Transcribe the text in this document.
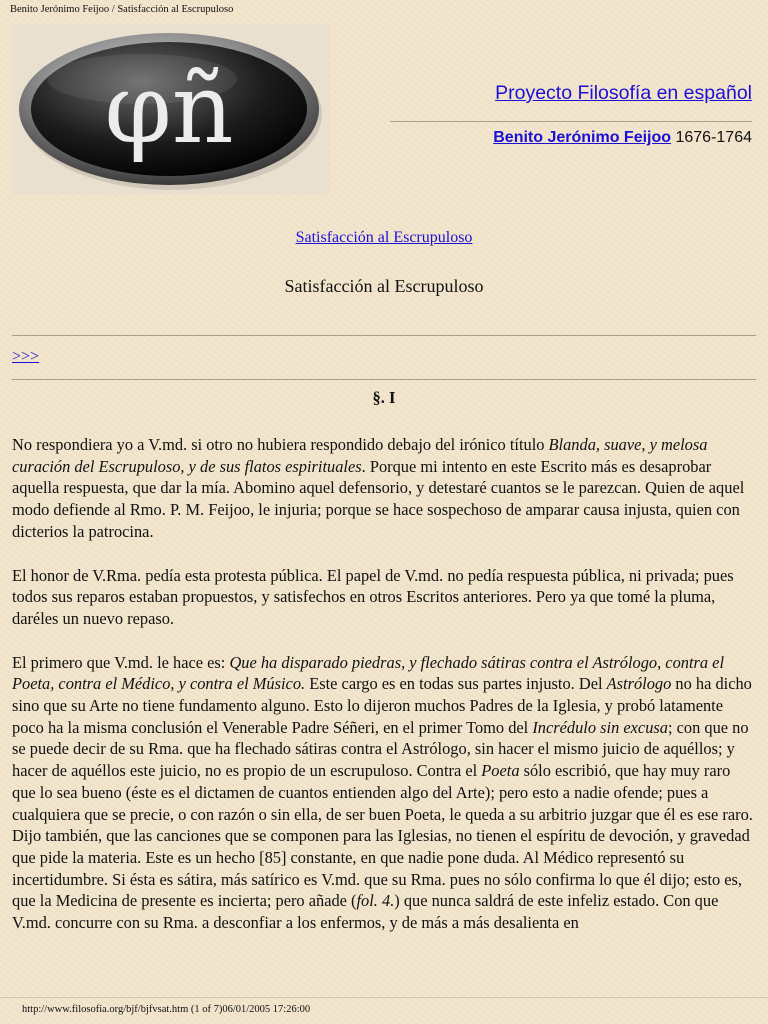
Benito Jerónimo Feijoo / Satisfacción al Escrupuloso
φñ	Proyecto Filosofía en español
Benito Jerónimo Feijoo 1676-1764
Satisfacción al Escrupuloso
Satisfacción al Escrupuloso
>>>
§. I

No respondiera yo a V.md. si otro no hubiera respondido debajo del irónico título Blanda, suave, y melosa curación del Escrupuloso, y de sus flatos espirituales. Porque mi intento en este Escrito más es desaprobar aquella respuesta, que dar la mía. Abomino aquel defensorio, y detestaré cuantos se le parezcan. Quien de aquel modo defiende al Rmo. P. M. Feijoo, le injuria; porque se hace sospechoso de amparar causa injusta, quien con dicterios la patrocina.

El honor de V.Rma. pedía esta protesta pública. El papel de V.md. no pedía respuesta pública, ni privada; pues todos sus reparos estaban propuestos, y satisfechos en otros Escritos anteriores. Pero ya que tomé la pluma, daréles un nuevo repaso.

El primero que V.md. le hace es: Que ha disparado piedras, y flechado sátiras contra el Astrólogo, contra el Poeta, contra el Médico, y contra el Músico. Este cargo es en todas sus partes injusto. Del Astrólogo no ha dicho sino que su Arte no tiene fundamento alguno. Esto lo dijeron muchos Padres de la Iglesia, y probó latamente poco ha la misma conclusión el Venerable Padre Séñeri, en el primer Tomo del Incrédulo sin excusa; con que no se puede decir de su Rma. que ha flechado sátiras contra el Astrólogo, sin hacer el mismo juicio de aquéllos; y hacer de aquéllos este juicio, no es propio de un escrupuloso. Contra el Poeta sólo escribió, que hay muy raro que lo sea bueno (éste es el dictamen de cuantos entienden algo del Arte); pero esto a nadie ofende; pues a cualquiera que se precie, o con razón o sin ella, de ser buen Poeta, le queda a su arbitrio juzgar que él es ese raro. Dijo también, que las canciones que se componen para las Iglesias, no tienen el espíritu de devoción, y gravedad que pide la materia. Este es un hecho [85] constante, en que nadie pone duda. Al Médico representó su incertidumbre. Si ésta es sátira, más satírico es V.md. que su Rma. pues no sólo confirma lo que él dijo; esto es, que la Medicina de presente es incierta; pero añade (fol. 4.) que nunca saldrá de este infeliz estado. Con que V.md. concurre con su Rma. a desconfiar a los enfermos, y de más a más desalienta en

http://www.filosofia.org/bjf/bjfvsat.htm (1 of 7)06/01/2005 17:26:00
